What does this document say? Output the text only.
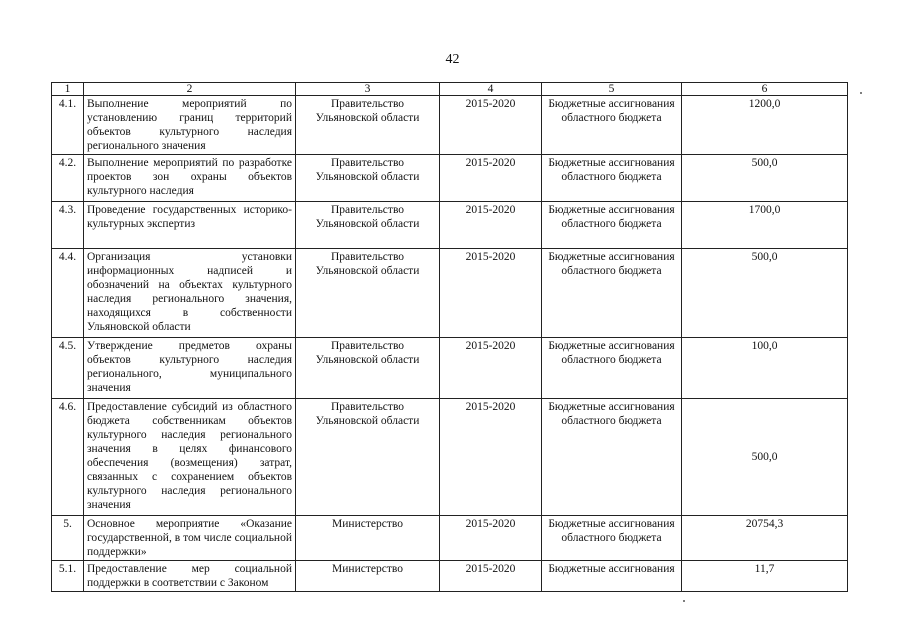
42
1	2	3	4	5	6
4.1.	Выполнение мероприятий по установлению границ территорий объектов культурного наследия регионального значения	Правительство Ульяновской области	2015-2020	Бюджетные ассигнования областного бюджета	1200,0
4.2.	Выполнение мероприятий по разработке проектов зон охраны объектов культурного наследия	Правительство Ульяновской области	2015-2020	Бюджетные ассигнования областного бюджета	500,0
4.3.	Проведение государственных историко-культурных экспертиз	Правительство Ульяновской области	2015-2020	Бюджетные ассигнования областного бюджета	1700,0
4.4.	Организация установки информационных надписей и обозначений на объектах культурного наследия регионального значения, находящихся в собственности Ульяновской области	Правительство Ульяновской области	2015-2020	Бюджетные ассигнования областного бюджета	500,0
4.5.	Утверждение предметов охраны объектов культурного наследия регионального, муниципального значения	Правительство Ульяновской области	2015-2020	Бюджетные ассигнования областного бюджета	100,0
4.6.	Предоставление субсидий из областного бюджета собственникам объектов культурного наследия регионального значения в целях финансового обеспечения (возмещения) затрат, связанных с сохранением объектов культурного наследия регионального значения	Правительство Ульяновской области	2015-2020	Бюджетные ассигнования областного бюджета	500,0
5.	Основное мероприятие «Оказание государственной, в том числе социальной поддержки»	Министерство	2015-2020	Бюджетные ассигнования областного бюджета	20754,3
5.1.	Предоставление мер социальной поддержки в соответствии с Законом	Министерство	2015-2020	Бюджетные ассигнования	11,7
